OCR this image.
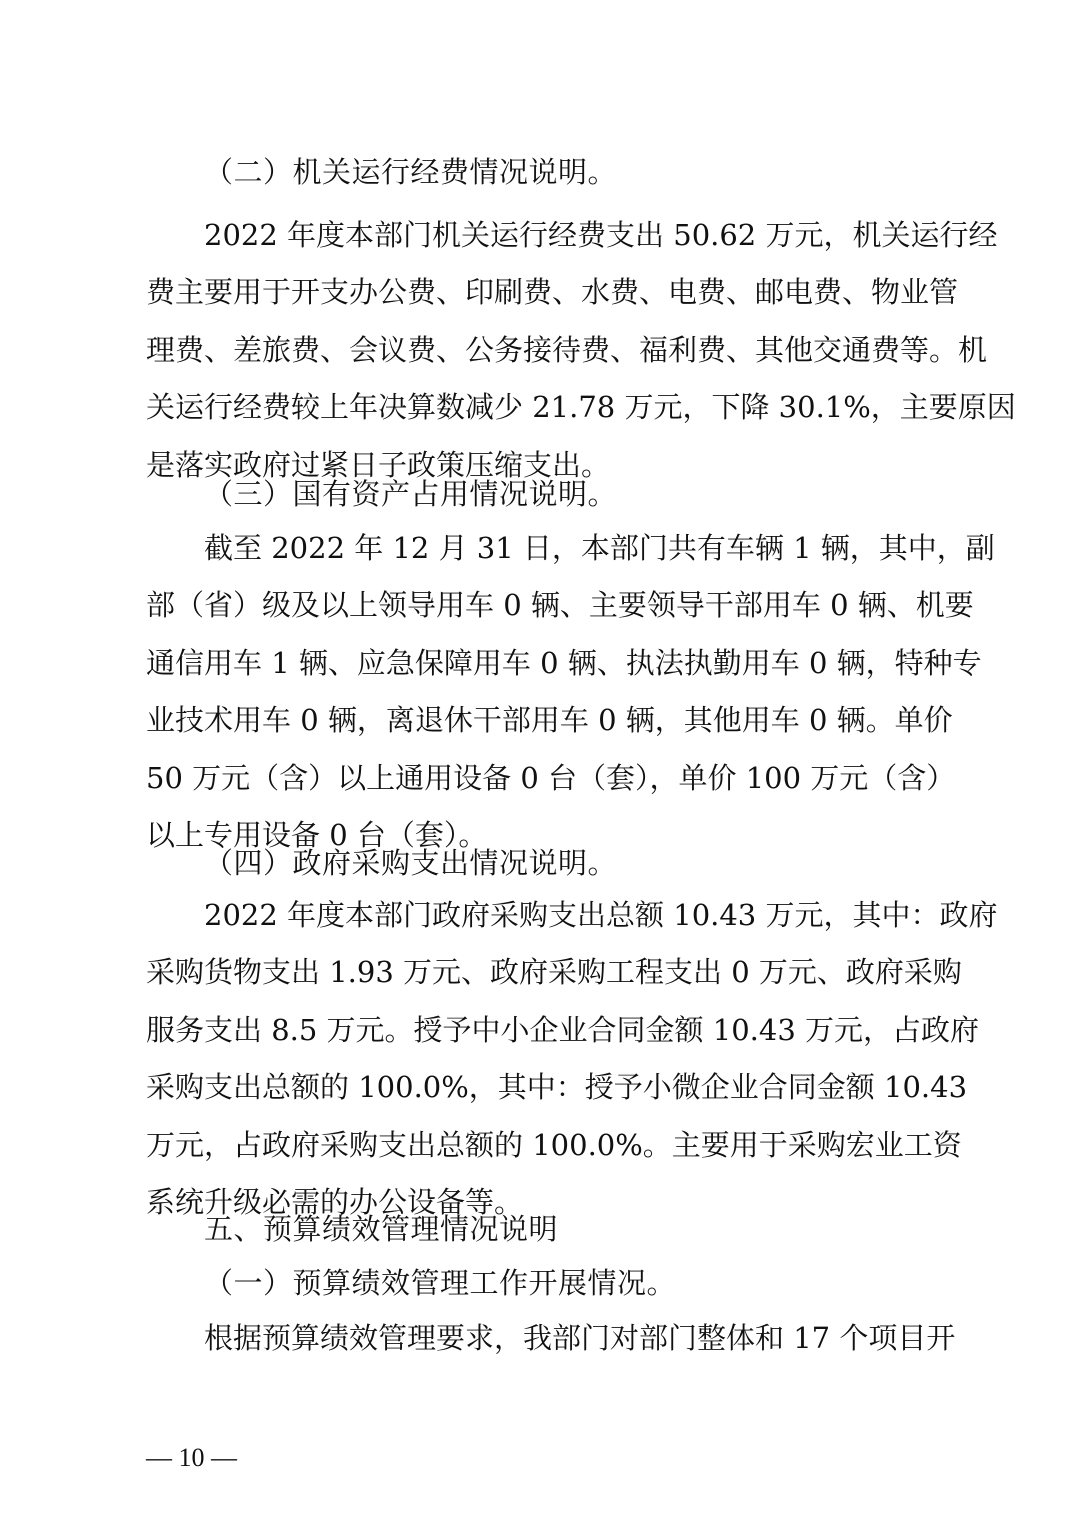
（二）机关运行经费情况说明。
2022 年度本部门机关运行经费支出 50.62 万元，机关运行经
费主要用于开支办公费、印刷费、水费、电费、邮电费、物业管
理费、差旅费、会议费、公务接待费、福利费、其他交通费等。机
关运行经费较上年决算数减少 21.78 万元，下降 30.1%，主要原因
是落实政府过紧日子政策压缩支出。
（三）国有资产占用情况说明。
截至 2022 年 12 月 31 日，本部门共有车辆 1 辆，其中，副
部（省）级及以上领导用车 0 辆、主要领导干部用车 0 辆、机要
通信用车 1 辆、应急保障用车 0 辆、执法执勤用车 0 辆，特种专
业技术用车 0 辆，离退休干部用车 0 辆，其他用车 0 辆。单价
50 万元（含）以上通用设备 0 台（套），单价 100 万元（含）
以上专用设备 0 台（套）。
（四）政府采购支出情况说明。
2022 年度本部门政府采购支出总额 10.43 万元，其中：政府
采购货物支出 1.93 万元、政府采购工程支出 0 万元、政府采购
服务支出 8.5 万元。授予中小企业合同金额 10.43 万元，占政府
采购支出总额的 100.0%，其中：授予小微企业合同金额 10.43
万元，占政府采购支出总额的 100.0%。主要用于采购宏业工资
系统升级必需的办公设备等。
五、预算绩效管理情况说明
（一）预算绩效管理工作开展情况。
根据预算绩效管理要求，我部门对部门整体和 17 个项目开
— 10 —
